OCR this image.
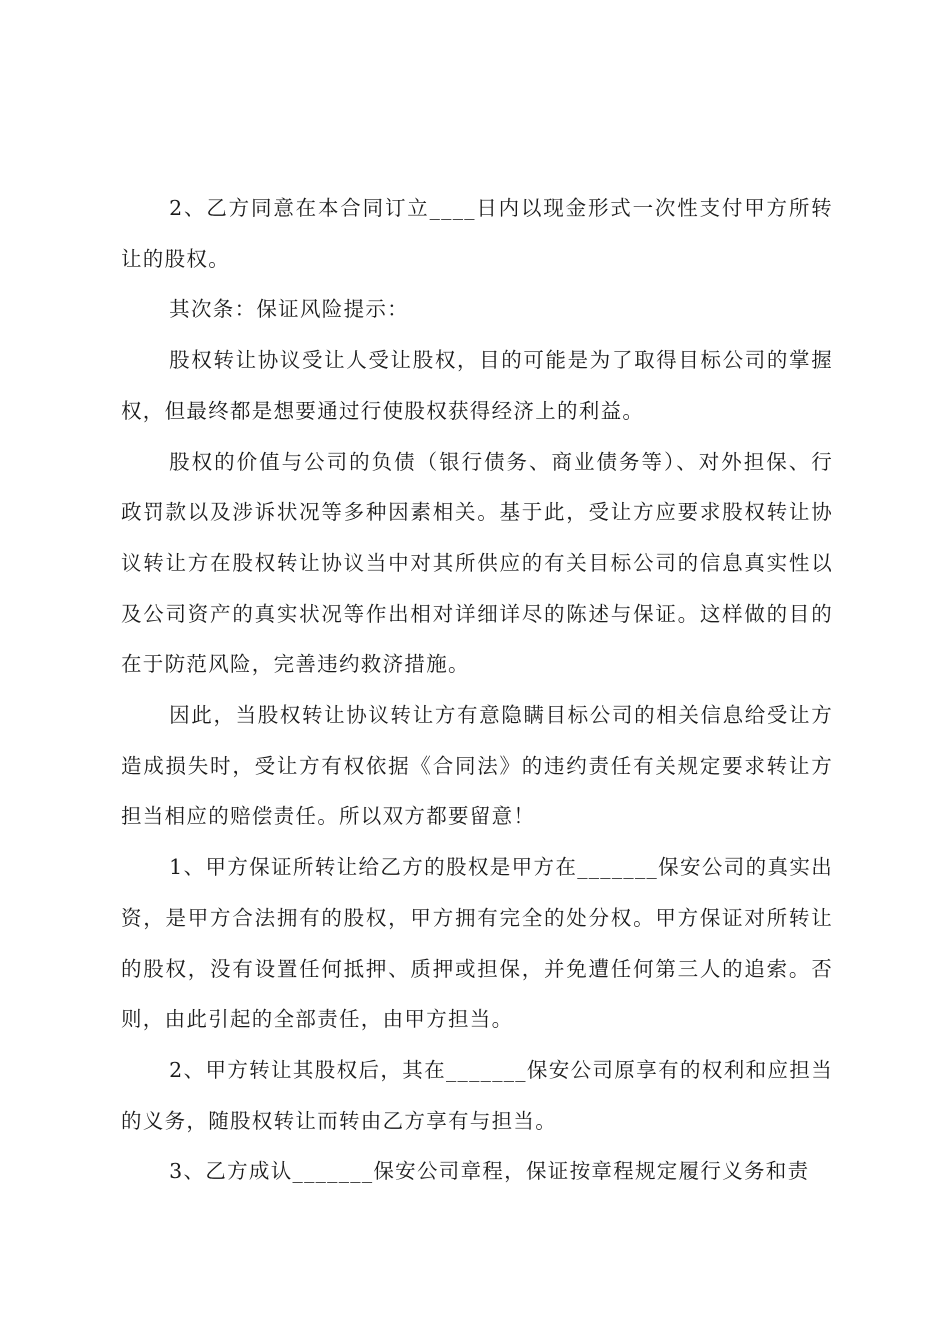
2、乙方同意在本合同订立____日内以现金形式一次性支付甲方所转让的股权。

其次条：保证风险提示：

股权转让协议受让人受让股权，目的可能是为了取得目标公司的掌握权，但最终都是想要通过行使股权获得经济上的利益。

股权的价值与公司的负债（银行债务、商业债务等）、对外担保、行政罚款以及涉诉状况等多种因素相关。基于此，受让方应要求股权转让协议转让方在股权转让协议当中对其所供应的有关目标公司的信息真实性以及公司资产的真实状况等作出相对详细详尽的陈述与保证。这样做的目的在于防范风险，完善违约救济措施。

因此，当股权转让协议转让方有意隐瞒目标公司的相关信息给受让方造成损失时，受让方有权依据《合同法》的违约责任有关规定要求转让方担当相应的赔偿责任。所以双方都要留意！

1、甲方保证所转让给乙方的股权是甲方在_______保安公司的真实出资，是甲方合法拥有的股权，甲方拥有完全的处分权。甲方保证对所转让的股权，没有设置任何抵押、质押或担保，并免遭任何第三人的追索。否则，由此引起的全部责任，由甲方担当。

2、甲方转让其股权后，其在_______保安公司原享有的权利和应担当的义务，随股权转让而转由乙方享有与担当。

3、乙方成认_______保安公司章程，保证按章程规定履行义务和责
